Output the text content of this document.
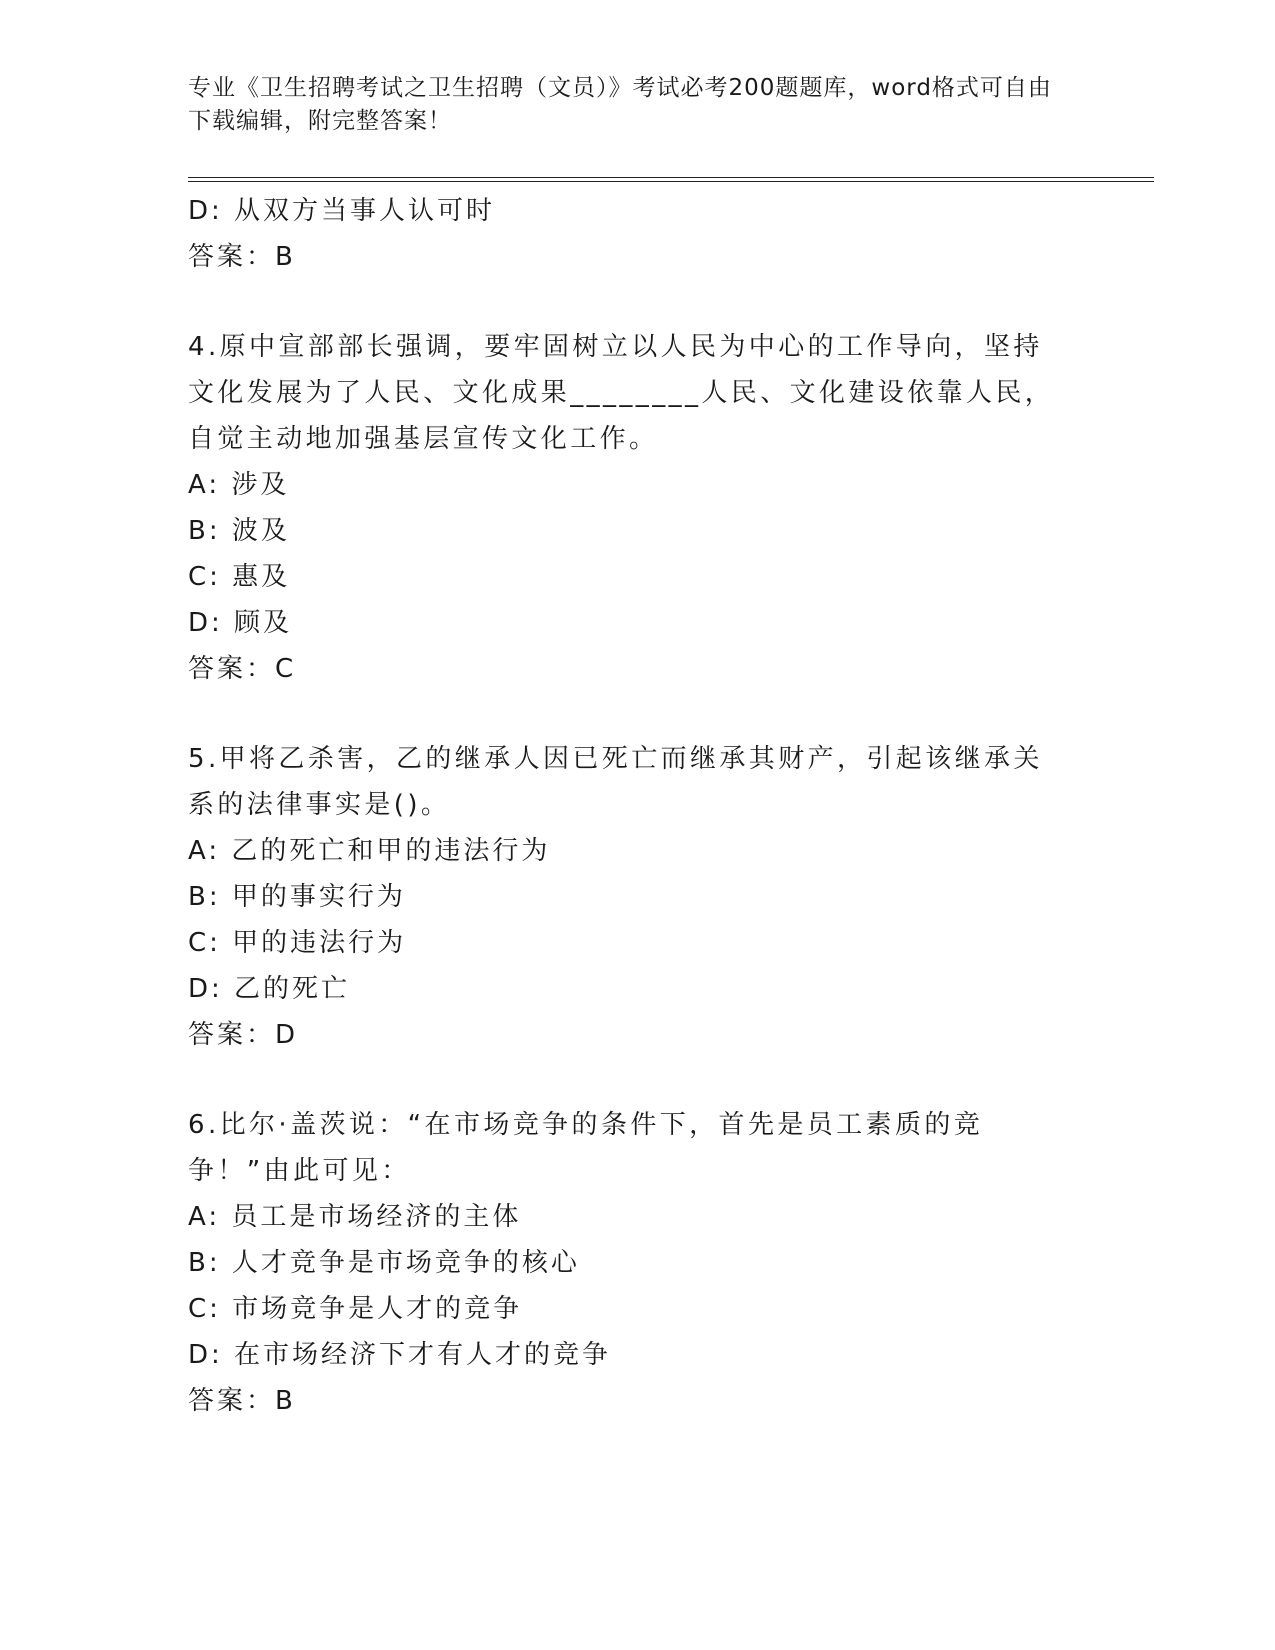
专业《卫生招聘考试之卫生招聘（文员）》考试必考200题题库，word格式可自由下载编辑，附完整答案！
D: 从双方当事人认可时
答案：B
4.原中宣部部长强调，要牢固树立以人民为中心的工作导向，坚持文化发展为了人民、文化成果________人民、文化建设依靠人民，自觉主动地加强基层宣传文化工作。
A: 涉及
B: 波及
C: 惠及
D: 顾及
答案：C
5.甲将乙杀害，乙的继承人因已死亡而继承其财产，引起该继承关系的法律事实是()。
A: 乙的死亡和甲的违法行为
B: 甲的事实行为
C: 甲的违法行为
D: 乙的死亡
答案：D
6.比尔·盖茨说：“在市场竞争的条件下，首先是员工素质的竞争！”由此可见：
A: 员工是市场经济的主体
B: 人才竞争是市场竞争的核心
C: 市场竞争是人才的竞争
D: 在市场经济下才有人才的竞争
答案：B
